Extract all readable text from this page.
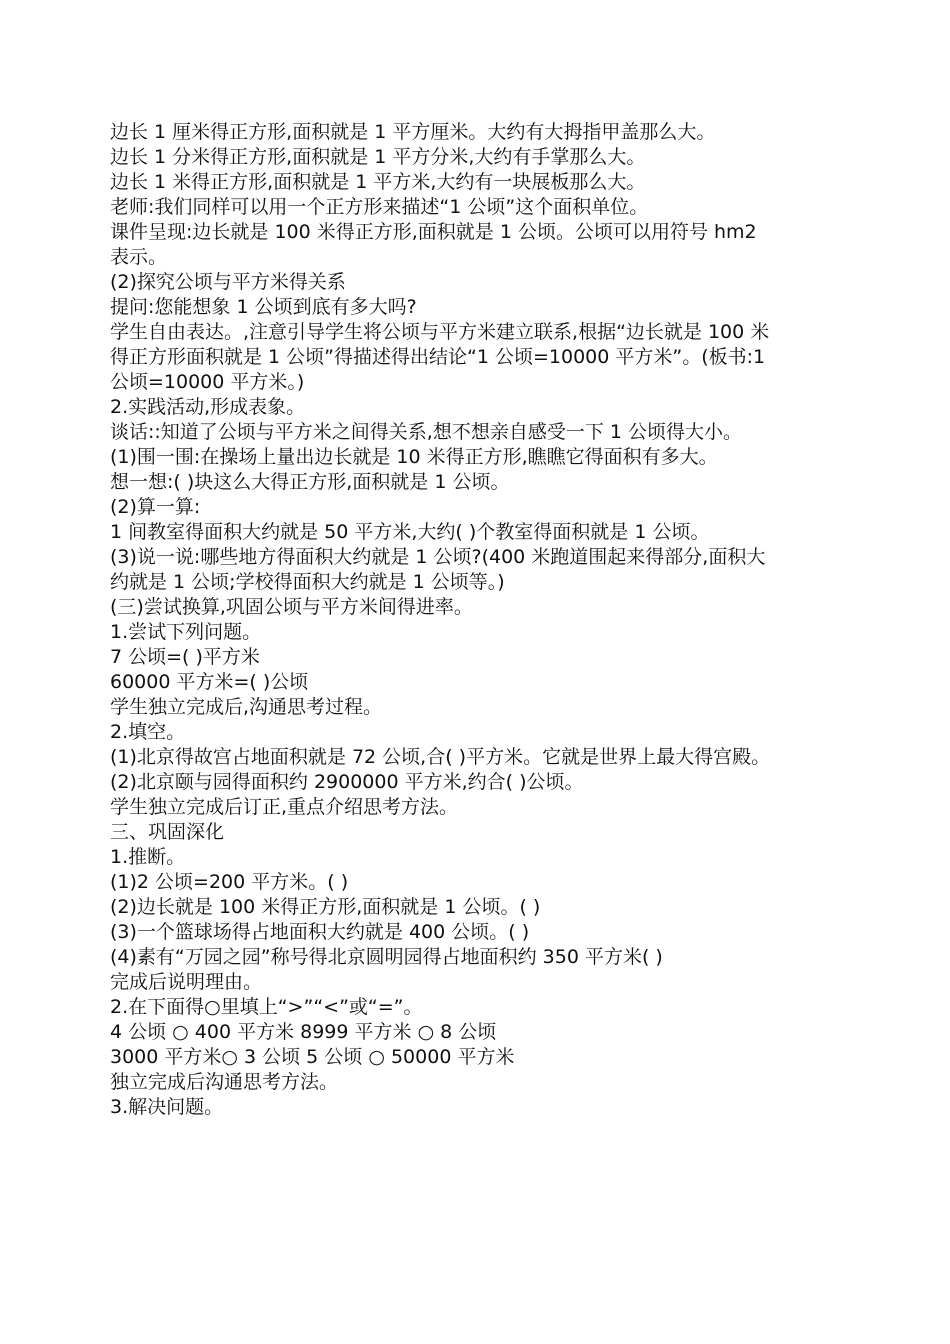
边长 1 厘米得正方形,面积就是 1 平方厘米。大约有大拇指甲盖那么大。

边长 1 分米得正方形,面积就是 1 平方分米,大约有手掌那么大。

边长 1 米得正方形,面积就是 1 平方米,大约有一块展板那么大。

老师:我们同样可以用一个正方形来描述“1 公顷”这个面积单位。

课件呈现:边长就是 100 米得正方形,面积就是 1 公顷。公顷可以用符号 hm2 表示。

(2)探究公顷与平方米得关系

提问:您能想象 1 公顷到底有多大吗?

学生自由表达。,注意引导学生将公顷与平方米建立联系,根据“边长就是 100 米得正方形面积就是 1 公顷”得描述得出结论“1 公顷=10000 平方米”。(板书:1 公顷=10000 平方米。)

2.实践活动,形成表象。

谈话::知道了公顷与平方米之间得关系,想不想亲自感受一下 1 公顷得大小。

(1)围一围:在操场上量出边长就是 10 米得正方形,瞧瞧它得面积有多大。

想一想:( )块这么大得正方形,面积就是 1 公顷。

(2)算一算:

1 间教室得面积大约就是 50 平方米,大约( )个教室得面积就是 1 公顷。

(3)说一说:哪些地方得面积大约就是 1 公顷?(400 米跑道围起来得部分,面积大约就是 1 公顷;学校得面积大约就是 1 公顷等。)

(三)尝试换算,巩固公顷与平方米间得进率。

1.尝试下列问题。

7 公顷=( )平方米

60000 平方米=( )公顷

学生独立完成后,沟通思考过程。

2.填空。

(1)北京得故宫占地面积就是 72 公顷,合( )平方米。它就是世界上最大得宫殿。

(2)北京颐与园得面积约 2900000 平方米,约合( )公顷。

学生独立完成后订正,重点介绍思考方法。

三、巩固深化

1.推断。

(1)2 公顷=200 平方米。( )

(2)边长就是 100 米得正方形,面积就是 1 公顷。( )

(3)一个篮球场得占地面积大约就是 400 公顷。( )

(4)素有“万园之园”称号得北京圆明园得占地面积约 350 平方米( )

完成后说明理由。

2.在下面得○里填上“>”“<”或“=”。

4 公顷 ○ 400 平方米 8999 平方米 ○ 8 公顷

3000 平方米○ 3 公顷 5 公顷 ○ 50000 平方米

独立完成后沟通思考方法。

3.解决问题。
